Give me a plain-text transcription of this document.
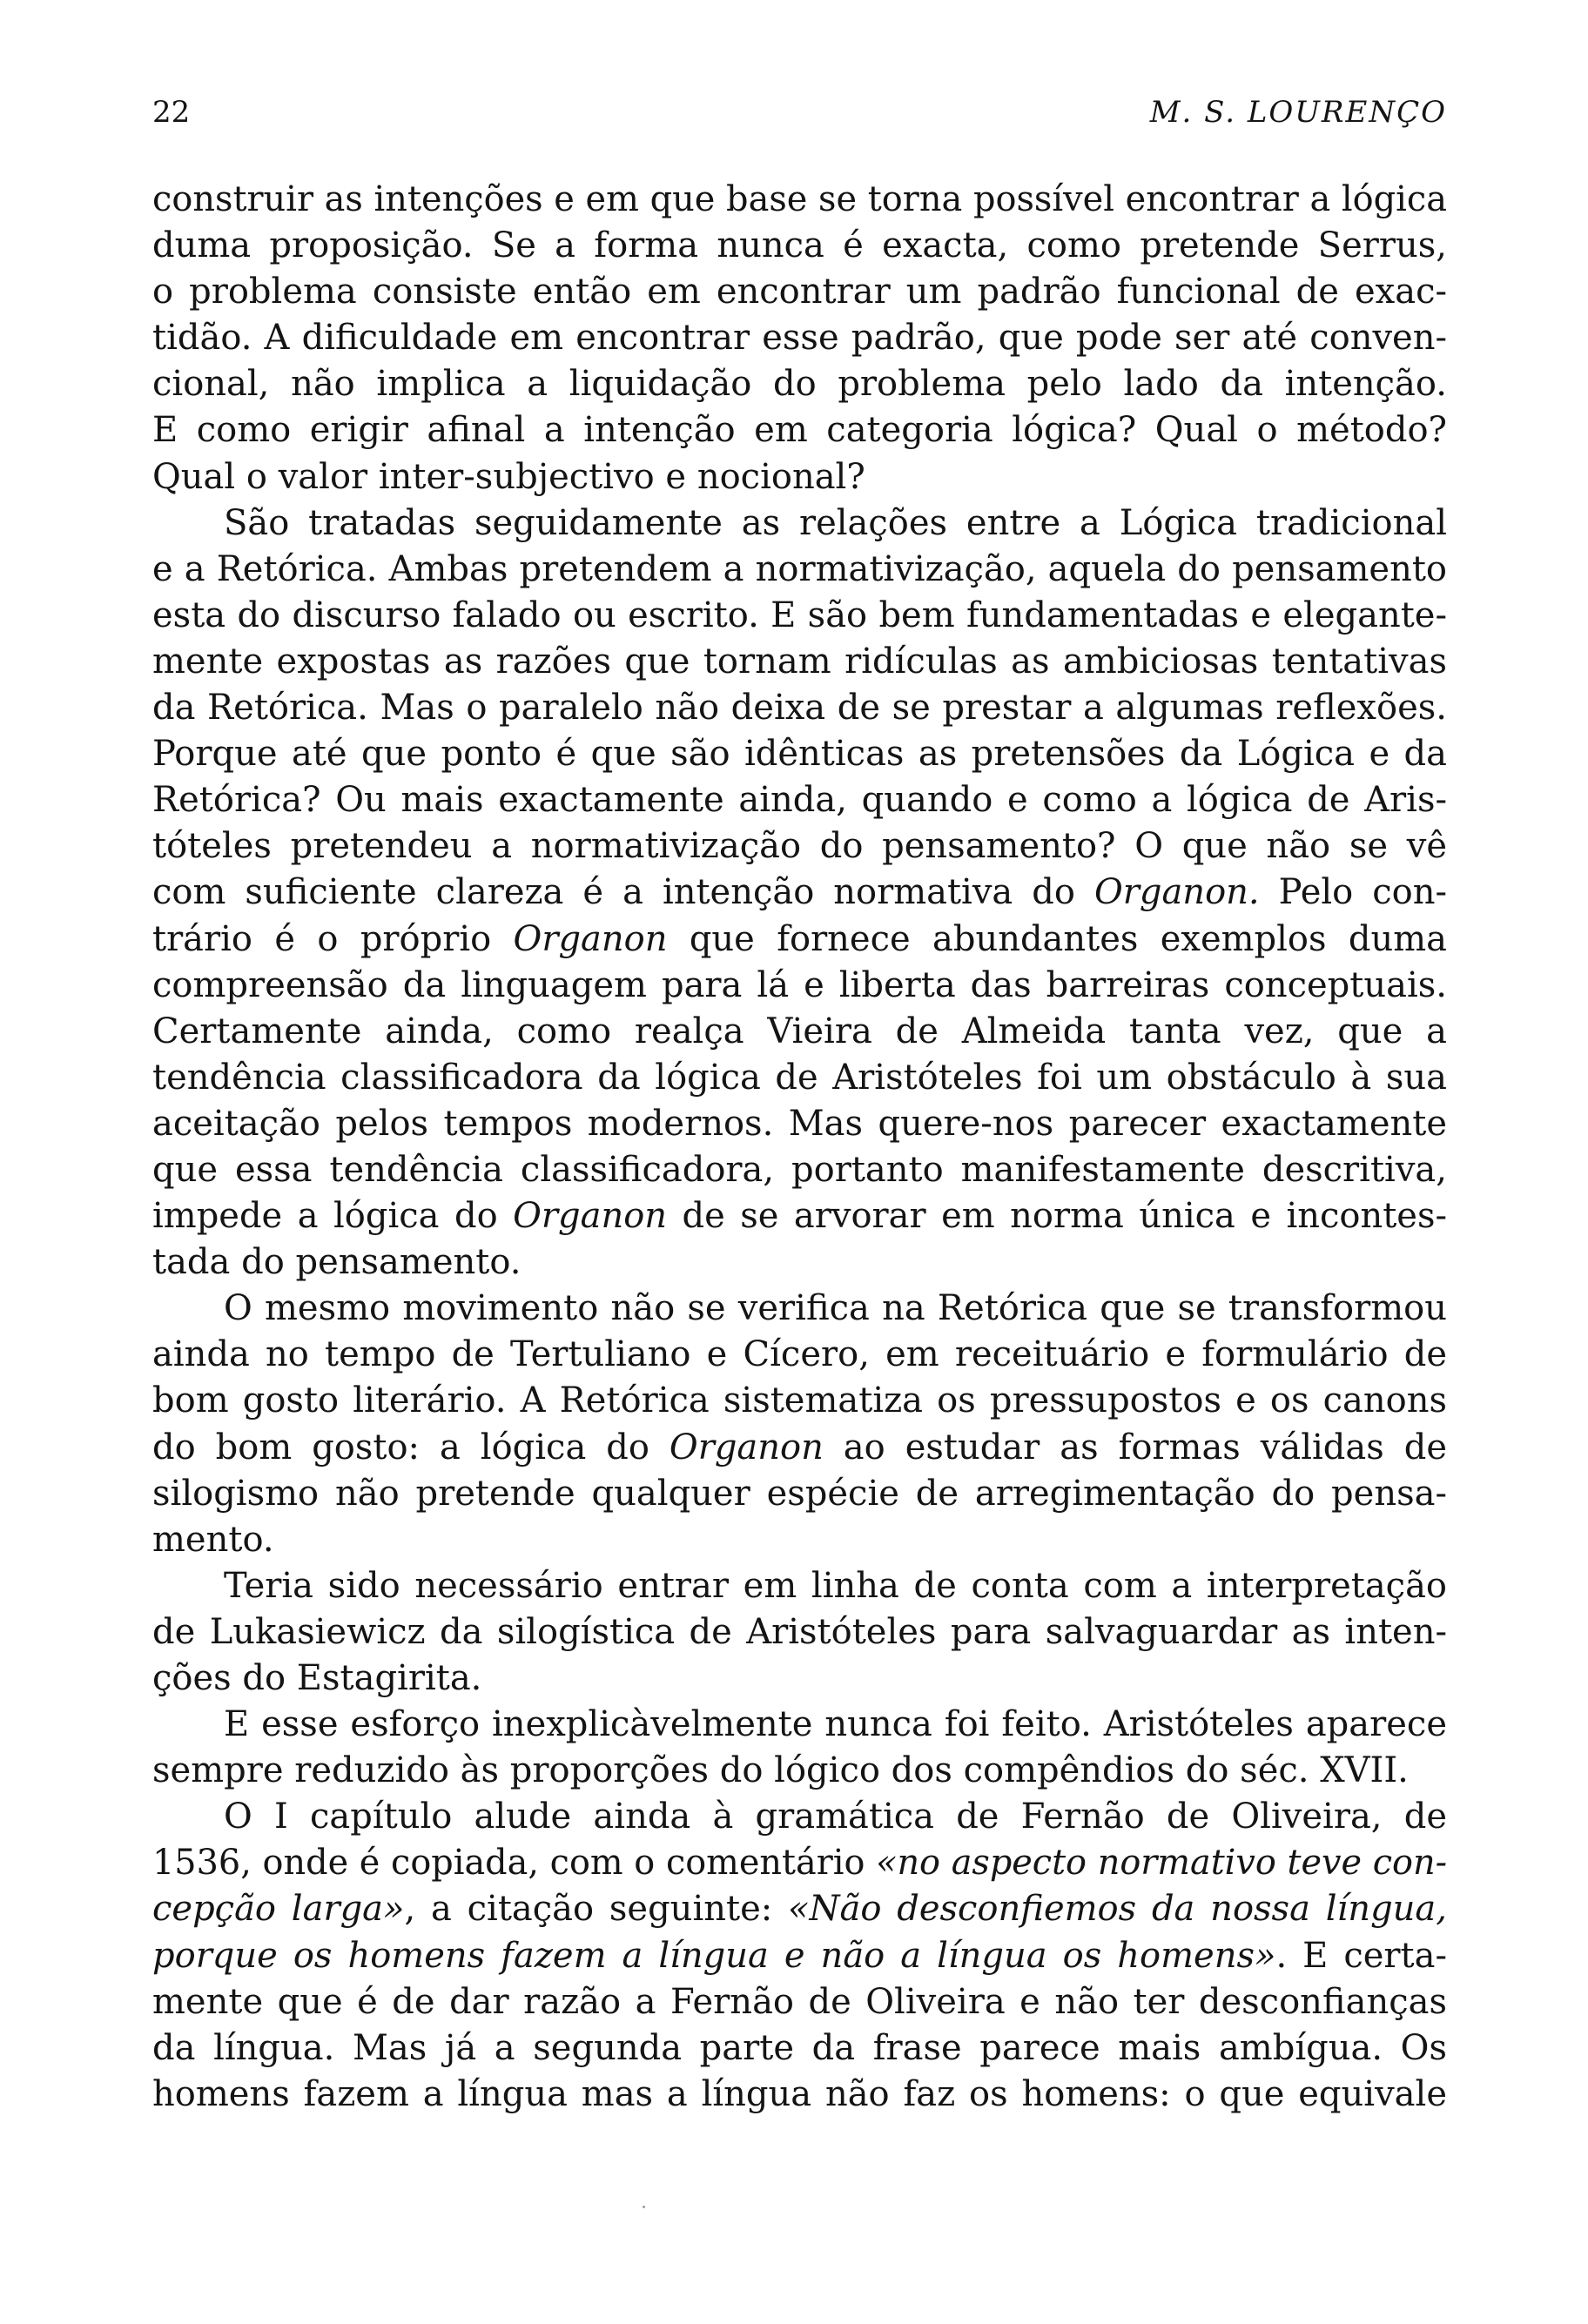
22	M. S. LOURENÇO
construir as intenções e em que base se torna possível encontrar a lógica
duma proposição. Se a forma nunca é exacta, como pretende Serrus,
o problema consiste então em encontrar um padrão funcional de exac-
tidão. A dificuldade em encontrar esse padrão, que pode ser até conven-
cional, não implica a liquidação do problema pelo lado da intenção.
E como erigir afinal a intenção em categoria lógica? Qual o método?
Qual o valor inter-subjectivo e nocional?
São tratadas seguidamente as relações entre a Lógica tradicional
e a Retórica. Ambas pretendem a normativização, aquela do pensamento
esta do discurso falado ou escrito. E são bem fundamentadas e elegante-
mente expostas as razões que tornam ridículas as ambiciosas tentativas
da Retórica. Mas o paralelo não deixa de se prestar a algumas reflexões.
Porque até que ponto é que são idênticas as pretensões da Lógica e da
Retórica? Ou mais exactamente ainda, quando e como a lógica de Aris-
tóteles pretendeu a normativização do pensamento? O que não se vê
com suficiente clareza é a intenção normativa do Organon. Pelo con-
trário é o próprio Organon que fornece abundantes exemplos duma
compreensão da linguagem para lá e liberta das barreiras conceptuais.
Certamente ainda, como realça Vieira de Almeida tanta vez, que a
tendência classificadora da lógica de Aristóteles foi um obstáculo à sua
aceitação pelos tempos modernos. Mas quere-nos parecer exactamente
que essa tendência classificadora, portanto manifestamente descritiva,
impede a lógica do Organon de se arvorar em norma única e incontes-
tada do pensamento.
O mesmo movimento não se verifica na Retórica que se transformou
ainda no tempo de Tertuliano e Cícero, em receituário e formulário de
bom gosto literário. A Retórica sistematiza os pressupostos e os canons
do bom gosto: a lógica do Organon ao estudar as formas válidas de
silogismo não pretende qualquer espécie de arregimentação do pensa-
mento.
Teria sido necessário entrar em linha de conta com a interpretação
de Lukasiewicz da silogística de Aristóteles para salvaguardar as inten-
ções do Estagirita.
E esse esforço inexplicàvelmente nunca foi feito. Aristóteles aparece
sempre reduzido às proporções do lógico dos compêndios do séc. XVII.
O I capítulo alude ainda à gramática de Fernão de Oliveira, de
1536, onde é copiada, com o comentário «no aspecto normativo teve con-
cepção larga», a citação seguinte: «Não desconfiemos da nossa língua,
porque os homens fazem a língua e não a língua os homens». E certa-
mente que é de dar razão a Fernão de Oliveira e não ter desconfianças
da língua. Mas já a segunda parte da frase parece mais ambígua. Os
homens fazem a língua mas a língua não faz os homens: o que equivale
